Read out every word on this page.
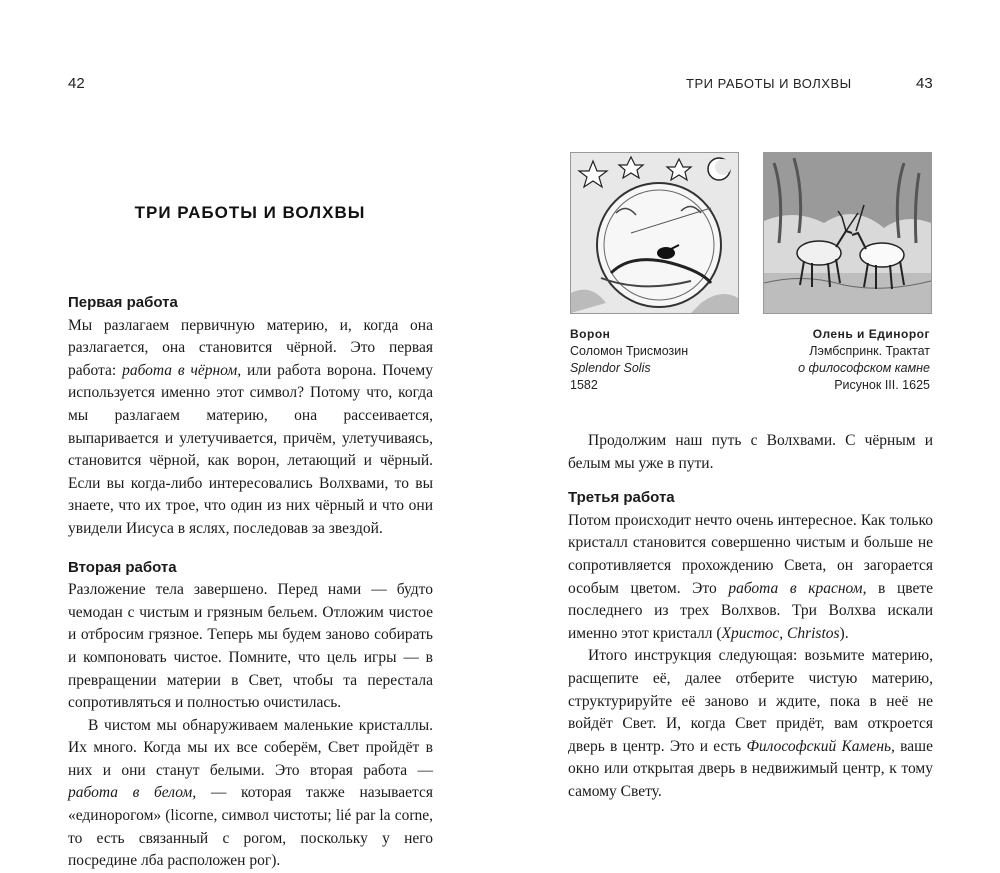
42
ТРИ РАБОТЫ И ВОЛХВЫ
Первая работа

Мы разлагаем первичную материю, и, когда она разлагается, она становится чёрной. Это первая работа: работа в чёрном, или работа ворона. Почему используется именно этот символ? Потому что, когда мы разлагаем материю, она рассеивается, выпаривается и улетучивается, причём, улетучиваясь, становится чёрной, как ворон, летающий и чёрный. Если вы когда-либо интересовались Волхвами, то вы знаете, что их трое, что один из них чёрный и что они увидели Иисуса в яслях, последовав за звездой.

Вторая работа

Разложение тела завершено. Перед нами — будто чемодан с чистым и грязным бельем. Отложим чистое и отбросим грязное. Теперь мы будем заново собирать и компоновать чистое. Помните, что цель игры — в превращении материи в Свет, чтобы та перестала сопротивляться и полностью очистилась.

В чистом мы обнаруживаем маленькие кристаллы. Их много. Когда мы их все соберём, Свет пройдёт в них и они станут белыми. Это вторая работа — работа в белом, — которая также называется «единорогом» (licorne, символ чистоты; lié par la corne, то есть связанный с рогом, поскольку у него посредине лба расположен рог).

ТРИ РАБОТЫ И ВОЛХВЫ	43
Ворон
Соломон Трисмозин
Splendor Solis
1582
Олень и Единорог
Лэмбспринк. Трактат
о философском камне
Рисунок III. 1625

Продолжим наш путь с Волхвами. С чёрным и белым мы уже в пути.

Третья работа

Потом происходит нечто очень интересное. Как только кристалл становится совершенно чистым и больше не сопротивляется прохождению Света, он загорается особым цветом. Это работа в красном, в цвете последнего из трех Волхвов. Три Волхва искали именно этот кристалл (Христос, Christos).

Итого инструкция следующая: возьмите материю, расщепите её, далее отберите чистую материю, структурируйте её заново и ждите, пока в неё не войдёт Свет. И, когда Свет придёт, вам откроется дверь в центр. Это и есть Философский Камень, ваше окно или открытая дверь в недвижимый центр, к тому самому Свету.
